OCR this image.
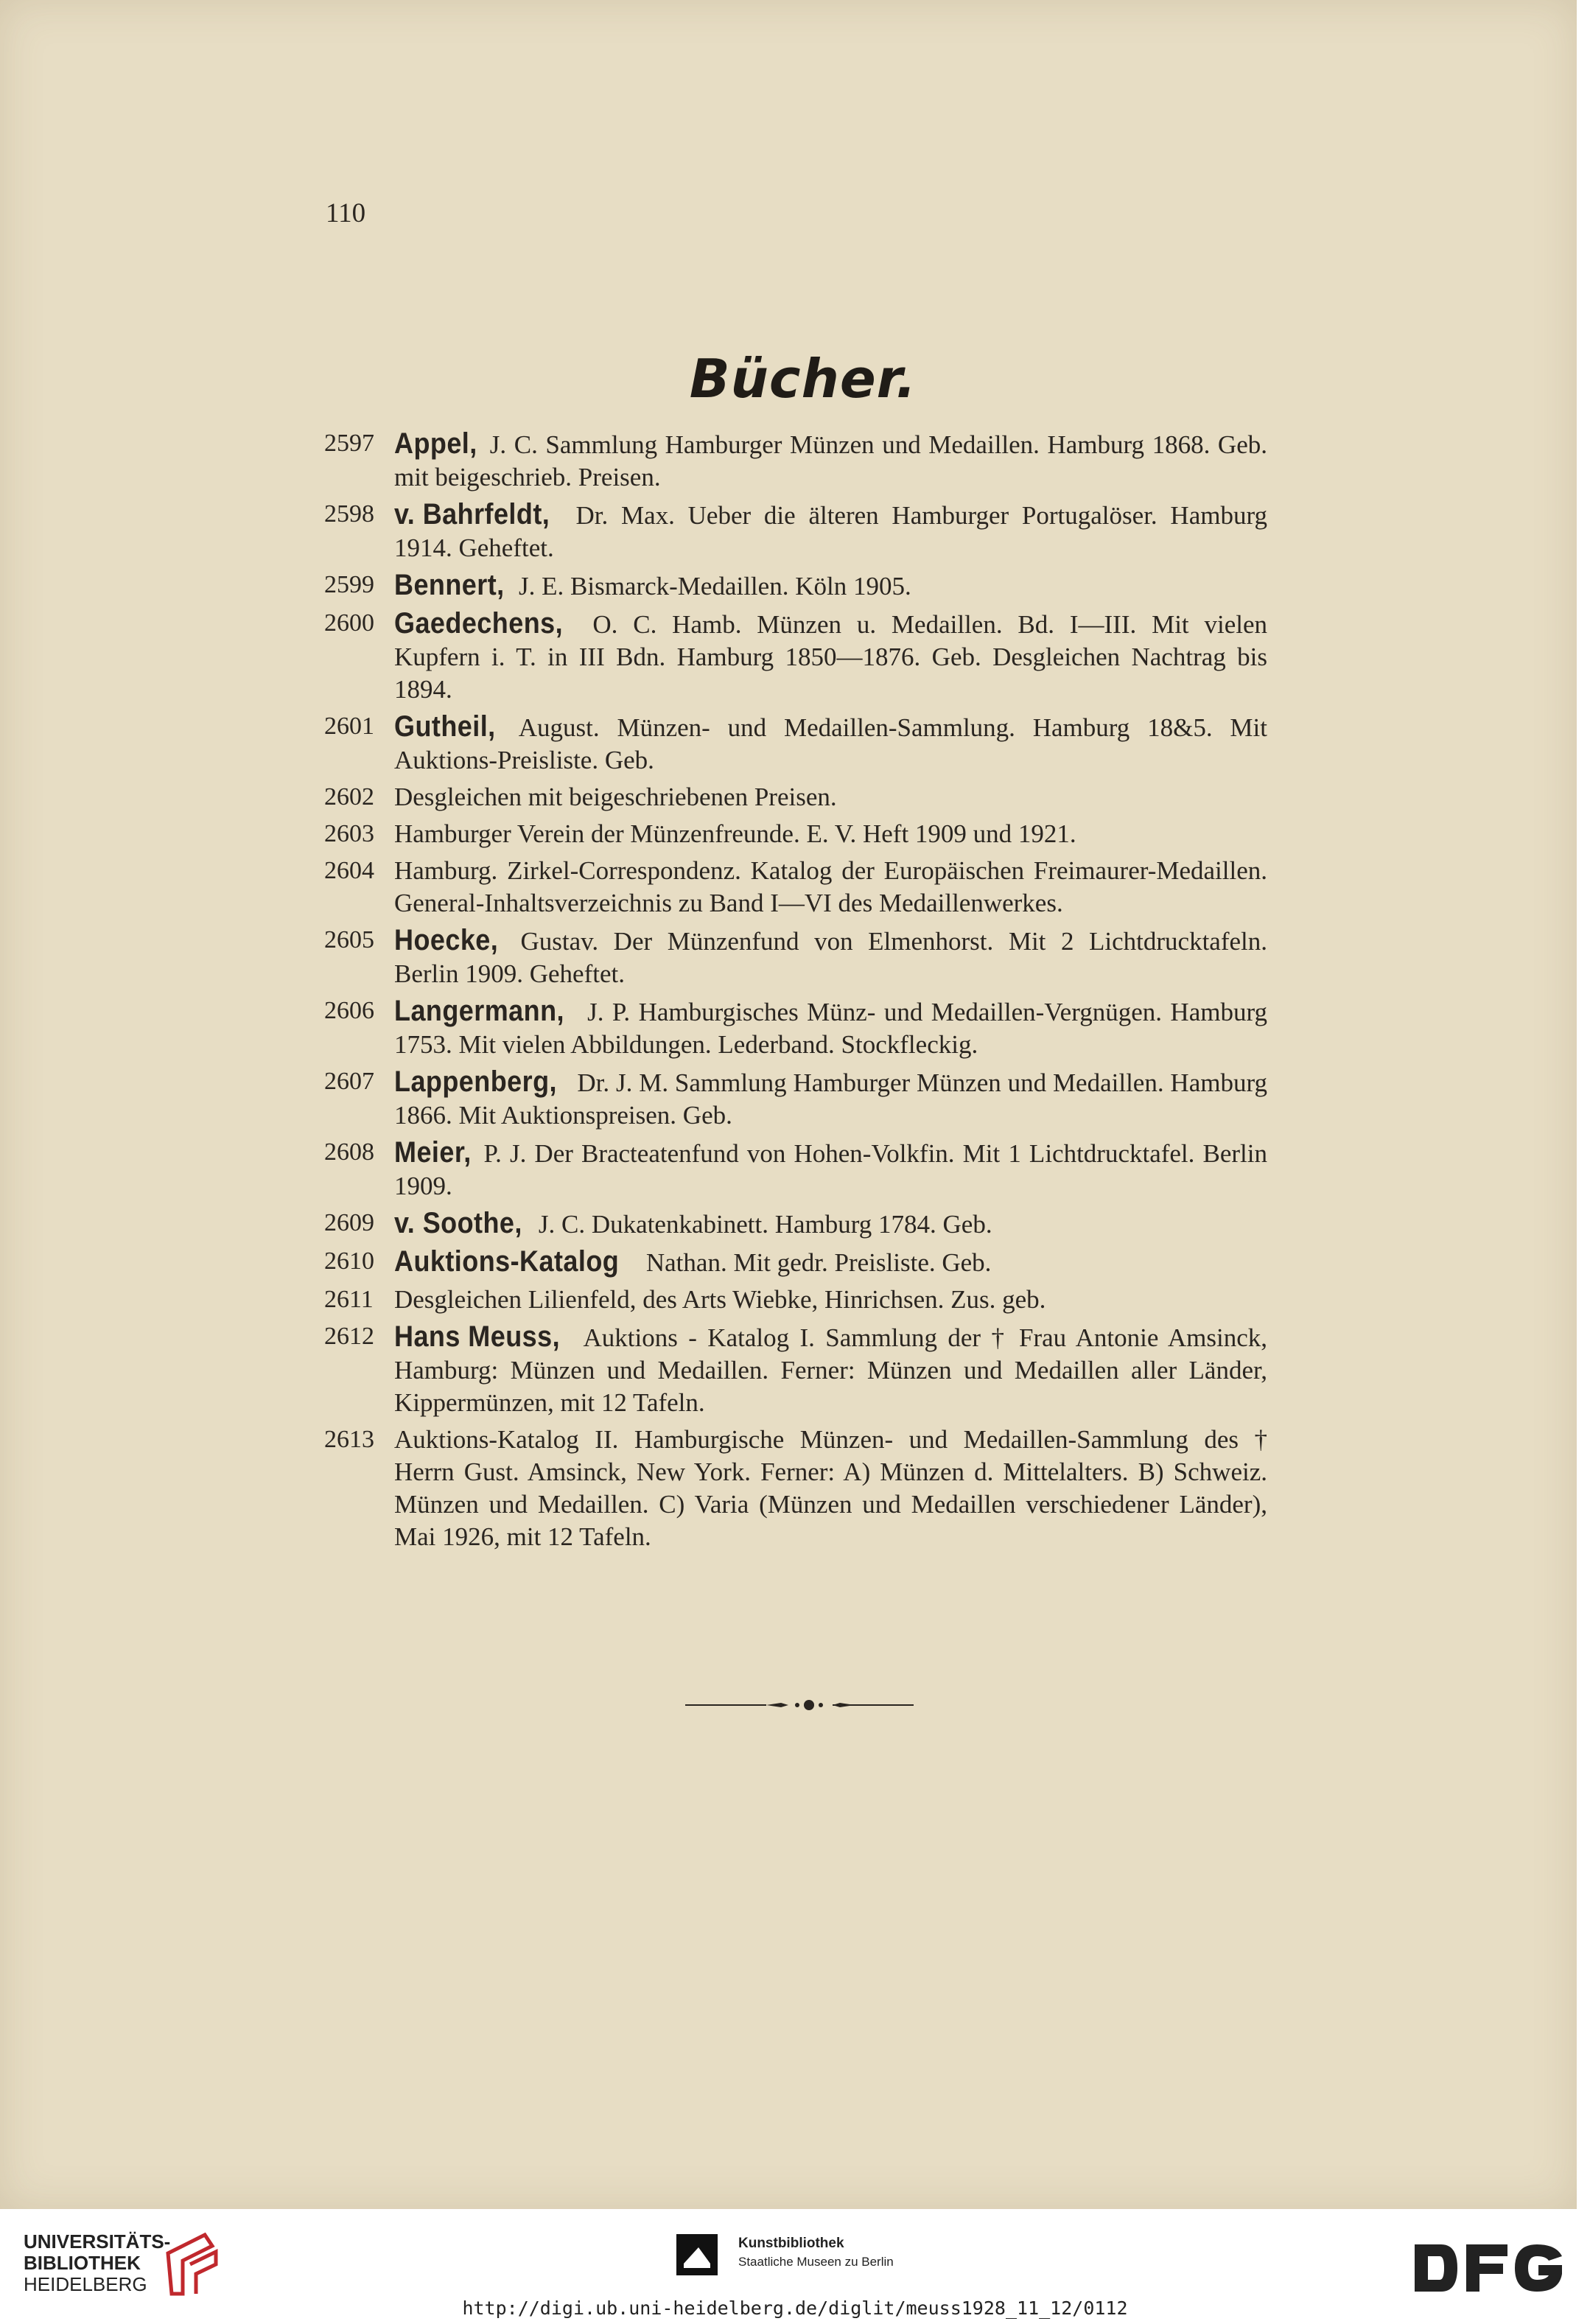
110
Bücher.
2597 Appel, J. C. Sammlung Hamburger Münzen und Medaillen. Hamburg 1868. Geb. mit beigeschrieb. Preisen.
2598 v. Bahrfeldt, Dr. Max. Ueber die älteren Hamburger Portugalöser. Hamburg 1914. Geheftet.
2599 Bennert, J. E. Bismarck-Medaillen. Köln 1905.
2600 Gaedechens, O. C. Hamb. Münzen u. Medaillen. Bd. I—III. Mit vielen Kupfern i. T. in III Bdn. Hamburg 1850—1876. Geb. Desgleichen Nachtrag bis 1894.
2601 Gutheil, August. Münzen- und Medaillen-Sammlung. Hamburg 18&5. Mit Auktions-Preisliste. Geb.
2602 Desgleichen mit beigeschriebenen Preisen.
2603 Hamburger Verein der Münzenfreunde. E. V. Heft 1909 und 1921.
2604 Hamburg. Zirkel-Correspondenz. Katalog der Europäischen Freimaurer-Medaillen. General-Inhaltsverzeichnis zu Band I—VI des Medaillenwerkes.
2605 Hoecke, Gustav. Der Münzenfund von Elmenhorst. Mit 2 Lichtdrucktafeln. Berlin 1909. Geheftet.
2606 Langermann, J. P. Hamburgisches Münz- und Medaillen-Vergnügen. Hamburg 1753. Mit vielen Abbildungen. Lederband. Stockfleckig.
2607 Lappenberg, Dr. J. M. Sammlung Hamburger Münzen und Medaillen. Hamburg 1866. Mit Auktionspreisen. Geb.
2608 Meier, P. J. Der Bracteatenfund von Hohen-Volkfin. Mit 1 Lichtdrucktafel. Berlin 1909.
2609 v. Soothe, J. C. Dukatenkabinett. Hamburg 1784. Geb.
2610 Auktions-Katalog Nathan. Mit gedr. Preisliste. Geb.
2611 Desgleichen Lilienfeld, des Arts Wiebke, Hinrichsen. Zus. geb.
2612 Hans Meuss, Auktions - Katalog I. Sammlung der † Frau Antonie Amsinck, Hamburg: Münzen und Medaillen. Ferner: Münzen und Medaillen aller Länder, Kippermünzen, mit 12 Tafeln.
2613 Auktions-Katalog II. Hamburgische Münzen- und Medaillen-Sammlung des † Herrn Gust. Amsinck, New York. Ferner: A) Münzen d. Mittelalters. B) Schweiz. Münzen und Medaillen. C) Varia (Münzen und Medaillen verschiedener Länder), Mai 1926, mit 12 Tafeln.
UNIVERSITÄTS-
BIBLIOTHEK
HEIDELBERG
Kunstbibliothek
Staatliche Museen zu Berlin
http://digi.ub.uni-heidelberg.de/diglit/meuss1928_11_12/0112
